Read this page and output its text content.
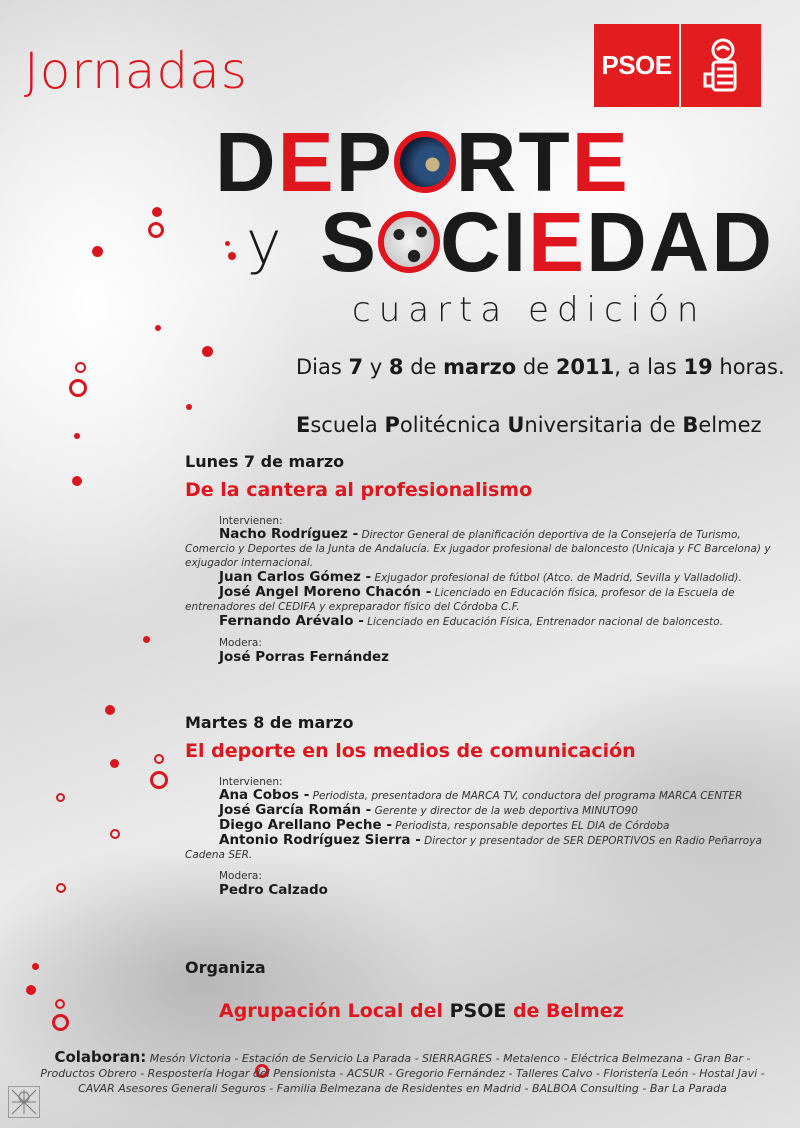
Jornadas	PSOE
DEP RTE
y S CIEDAD
cuarta edición
Dias 7 y 8 de marzo de 2011, a las 19 horas.
Escuela Politécnica Universitaria de Belmez
Lunes 7 de marzo
De la cantera al profesionalismo
Intervienen:
Nacho Rodríguez - Director General de planificación deportiva de la Consejería de Turismo, Comercio y Deportes de la Junta de Andalucía. Ex jugador profesional de baloncesto (Unicaja y FC Barcelona) y exjugador internacional.
Juan Carlos Gómez - Exjugador profesional de fútbol (Atco. de Madrid, Sevilla y Valladolid).
José Angel Moreno Chacón - Licenciado en Educación física, profesor de la Escuela de entrenadores del CEDIFA y expreparador físico del Córdoba C.F.
Fernando Arévalo - Licenciado en Educación Física, Entrenador nacional de baloncesto.
Modera:
José Porras Fernández
Martes 8 de marzo
El deporte en los medios de comunicación
Intervienen:
Ana Cobos - Periodista, presentadora de MARCA TV, conductora del programa MARCA CENTER
José García Román - Gerente y director de la web deportiva MINUTO90
Diego Arellano Peche - Periodista, responsable deportes EL DIA de Córdoba
Antonio Rodríguez Sierra - Director y presentador de SER DEPORTIVOS en Radio Peñarroya Cadena SER.
Modera:
Pedro Calzado
Organiza
Agrupación Local del PSOE de Belmez
Colaboran: Mesón Victoria - Estación de Servicio La Parada - SIERRAGRES - Metalenco - Eléctrica Belmezana - Gran Bar - Productos Obrero - Respostería Hogar del Pensionista - ACSUR - Gregorio Fernández - Talleres Calvo - Floristería León - Hostal Javi - CAVAR Asesores Generali Seguros - Familia Belmezana de Residentes en Madrid - BALBOA Consulting - Bar La Parada
